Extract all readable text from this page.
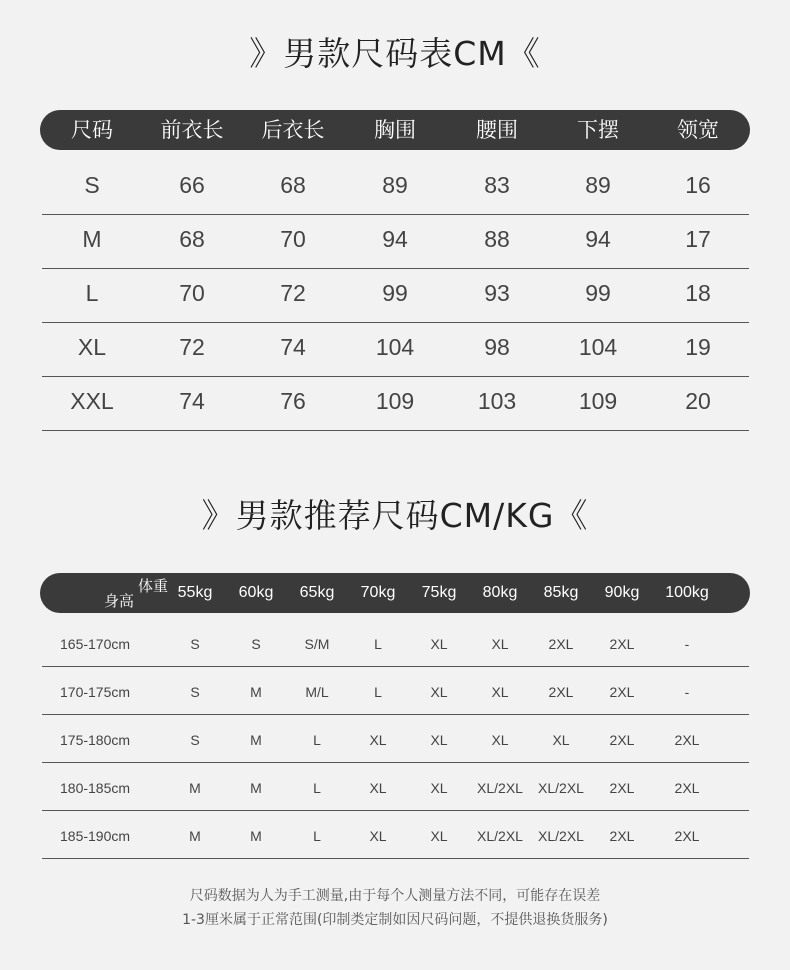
》男款尺码表CM《
尺码	前衣长	后衣长	胸围	腰围	下摆	领宽
S	66	68	89	83	89	16
M	68	70	94	88	94	17
L	70	72	99	93	99	18
XL	72	74	104	98	104	19
XXL	74	76	109	103	109	20
》男款推荐尺码CM/KG《
体重
身高	55kg	60kg	65kg	70kg	75kg	80kg	85kg	90kg	100kg
165-170cm	S	S	S/M	L	XL	XL	2XL	2XL	-
170-175cm	S	M	M/L	L	XL	XL	2XL	2XL	-
175-180cm	S	M	L	XL	XL	XL	XL	2XL	2XL
180-185cm	M	M	L	XL	XL	XL/2XL	XL/2XL	2XL	2XL
185-190cm	M	M	L	XL	XL	XL/2XL	XL/2XL	2XL	2XL
尺码数据为人为手工测量,由于每个人测量方法不同，可能存在误差
1-3厘米属于正常范围(印制类定制如因尺码问题，不提供退换货服务)
